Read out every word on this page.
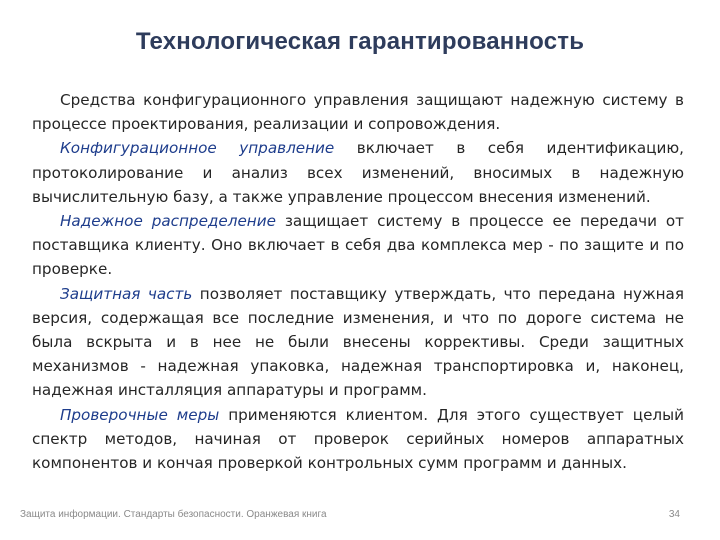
Технологическая гарантированность

Средства конфигурационного управления защищают надежную систему в процессе проектирования, реализации и сопровождения.

Конфигурационное управление включает в себя идентификацию, протоколирование и анализ всех изменений, вносимых в надежную вычислительную базу, а также управление процессом внесения изменений.

Надежное распределение защищает систему в процессе ее передачи от поставщика клиенту. Оно включает в себя два комплекса мер - по защите и по проверке.

Защитная часть позволяет поставщику утверждать, что передана нужная версия, содержащая все последние изменения, и что по дороге система не была вскрыта и в нее не были внесены коррективы. Среди защитных механизмов - надежная упаковка, надежная транспортировка и, наконец, надежная инсталляция аппаратуры и программ.

Проверочные меры применяются клиентом. Для этого существует целый спектр методов, начиная от проверок серийных номеров аппаратных компонентов и кончая проверкой контрольных сумм программ и данных.

Защита информации. Стандарты безопасности. Оранжевая книга	34
